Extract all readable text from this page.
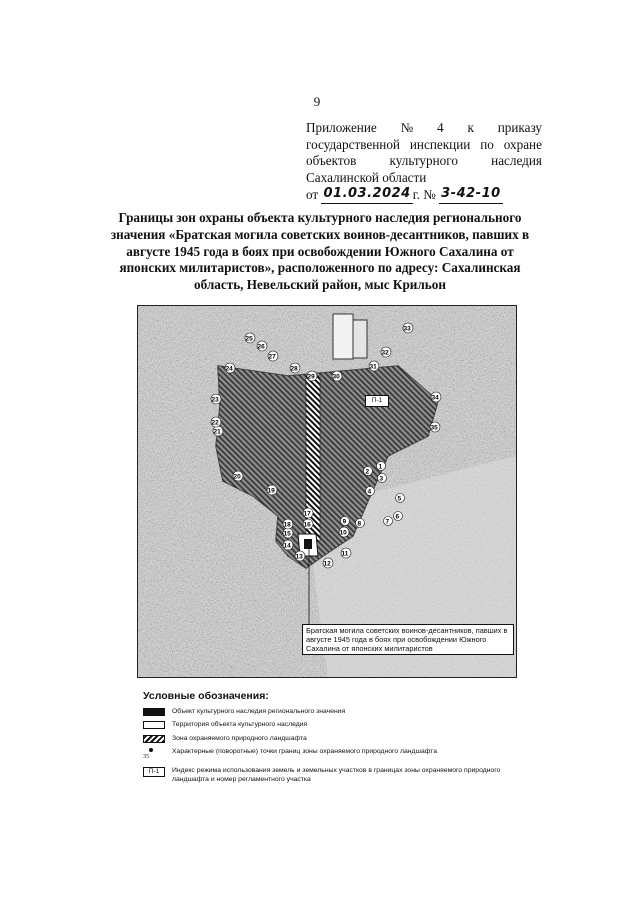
9
Приложение № 4 к приказу
государственной инспекции по охране
объектов	культурного	наследия
Сахалинской области
от
01.03.2024 г. №
3-42-10
Границы зон охраны объекта культурного наследия регионального значения «Братская могила советских воинов-десантников, павших в августе 1945 года в боях при освобождении Южного Сахалина от японских милитаристов», расположенного по адресу: Сахалинская область, Невельский район, мыс Крильон
1
2
3
4
5
6
7
8
9
10
11
12
13
14
15
16
17
18
19
20
21
22
23
24
25
26
27
28
29	30
31
32
33
34
35
П-1
Братская могила советских воинов-десантников, павших в августе 1945 года в боях при освобождении Южного Сахалина от японских милитаристов
Условные обозначения:
Объект культурного наследия регионального значения
Территория объекта культурного наследия
Зона охраняемого природного ландшафта
35
Характерные (поворотные) точки границ зоны охраняемого природного ландшафта
П-1	Индекс режима использования земель и земельных участков в границах зоны охраняемого природного ландшафта и номер регламентного участка
